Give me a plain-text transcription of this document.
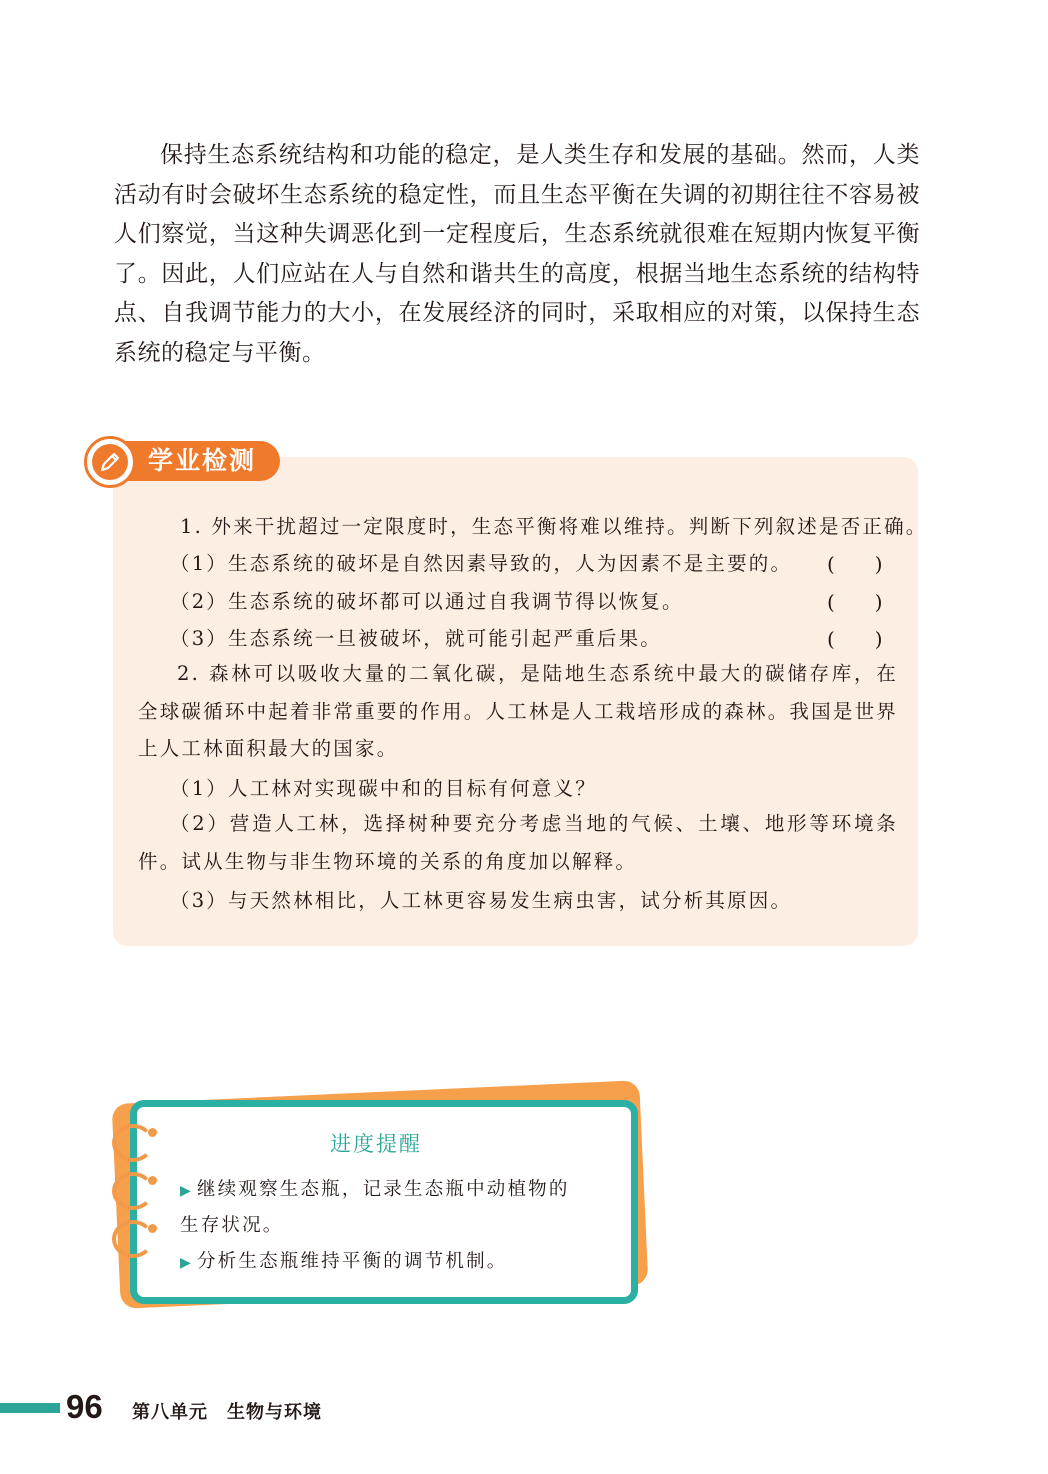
保持生态系统结构和功能的稳定，是人类生存和发展的基础。然而，人类活动有时会破坏生态系统的稳定性，而且生态平衡在失调的初期往往不容易被人们察觉，当这种失调恶化到一定程度后，生态系统就很难在短期内恢复平衡了。因此，人们应站在人与自然和谐共生的高度，根据当地生态系统的结构特点、自我调节能力的大小，在发展经济的同时，采取相应的对策，以保持生态系统的稳定与平衡。

学业检测

1. 外来干扰超过一定限度时，生态平衡将难以维持。判断下列叙述是否正确。

（1）生态系统的破坏是自然因素导致的，人为因素不是主要的。 (　　)

（2）生态系统的破坏都可以通过自我调节得以恢复。	(　　)

（3）生态系统一旦被破坏，就可能引起严重后果。	(　　)

2. 森林可以吸收大量的二氧化碳，是陆地生态系统中最大的碳储存库，在全球碳循环中起着非常重要的作用。人工林是人工栽培形成的森林。我国是世界上人工林面积最大的国家。

（1）人工林对实现碳中和的目标有何意义？

（2）营造人工林，选择树种要充分考虑当地的气候、土壤、地形等环境条件。试从生物与非生物环境的关系的角度加以解释。

（3）与天然林相比，人工林更容易发生病虫害，试分析其原因。

进度提醒
▶ 继续观察生态瓶，记录生态瓶中动植物的
生存状况。
▶ 分析生态瓶维持平衡的调节机制。
96 第八单元　 生物与环境
